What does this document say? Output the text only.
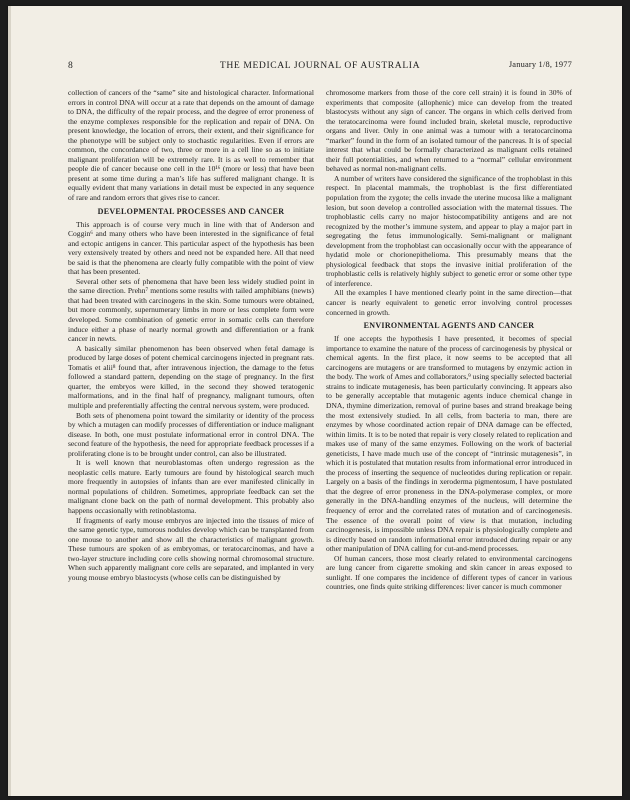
8	THE MEDICAL JOURNAL OF AUSTRALIA	January 1/8, 1977

collection of cancers of the “same” site and histological character. Informational errors in control DNA will occur at a rate that depends on the amount of damage to DNA, the difficulty of the repair process, and the degree of error proneness of the enzyme complexes responsible for the replication and repair of DNA. On present knowledge, the location of errors, their extent, and their significance for the phenotype will be subject only to stochastic regularities. Even if errors are common, the concordance of two, three or more in a cell line so as to initiate malignant proliferation will be extremely rare. It is as well to remember that people die of cancer because one cell in the 10¹⁶ (more or less) that have been present at some time during a man’s life has suffered malignant change. It is equally evident that many variations in detail must be expected in any sequence of rare and random errors that gives rise to cancer.

DEVELOPMENTAL PROCESSES AND CANCER

This approach is of course very much in line with that of Anderson and Coggin⁶ and many others who have been interested in the significance of fetal and ectopic antigens in cancer. This particular aspect of the hypothesis has been very extensively treated by others and need not be expanded here. All that need be said is that the phenomena are clearly fully compatible with the point of view that has been presented.

Several other sets of phenomena that have been less widely studied point in the same direction. Prehn⁷ mentions some results with tailed amphibians (newts) that had been treated with carcinogens in the skin. Some tumours were obtained, but more commonly, supernumerary limbs in more or less complete form were developed. Some combination of genetic error in somatic cells can therefore induce either a phase of nearly normal growth and differentiation or a frank cancer in newts.

A basically similar phenomenon has been observed when fetal damage is produced by large doses of potent chemical carcinogens injected in pregnant rats. Tomatis et alii⁸ found that, after intravenous injection, the damage to the fetus followed a standard pattern, depending on the stage of pregnancy. In the first quarter, the embryos were killed, in the second they showed teratogenic malformations, and in the final half of pregnancy, malignant tumours, often multiple and preferentially affecting the central nervous system, were produced.

Both sets of phenomena point toward the similarity or identity of the process by which a mutagen can modify processes of differentiation or induce malignant disease. In both, one must postulate informational error in control DNA. The second feature of the hypothesis, the need for appropriate feedback processes if a proliferating clone is to be brought under control, can also be illustrated.

It is well known that neuroblastomas often undergo regression as the neoplastic cells mature. Early tumours are found by histological search much more frequently in autopsies of infants than are ever manifested clinically in normal populations of children. Sometimes, appropriate feedback can set the malignant clone back on the path of normal development. This probably also happens occasionally with retinoblastoma.

If fragments of early mouse embryos are injected into the tissues of mice of the same genetic type, tumorous nodules develop which can be transplanted from one mouse to another and show all the characteristics of malignant growth. These tumours are spoken of as embryomas, or teratocarcinomas, and have a two-layer structure including core cells showing normal chromosomal structure. When such apparently malignant core cells are separated, and implanted in very young mouse embryo blastocysts (whose cells can be distinguished by

chromosome markers from those of the core cell strain) it is found in 30% of experiments that composite (allophenic) mice can develop from the treated blastocysts without any sign of cancer. The organs in which cells derived from the teratocarcinoma were found included brain, skeletal muscle, reproductive organs and liver. Only in one animal was a tumour with a teratocarcinoma “marker” found in the form of an isolated tumour of the pancreas. It is of special interest that what could be formally characterized as malignant cells retained their full potentialities, and when returned to a “normal” cellular environment behaved as normal non-malignant cells.

A number of writers have considered the significance of the trophoblast in this respect. In placental mammals, the trophoblast is the first differentiated population from the zygote; the cells invade the uterine mucosa like a malignant lesion, but soon develop a controlled association with the maternal tissues. The trophoblastic cells carry no major histocompatibility antigens and are not recognized by the mother’s immune system, and appear to play a major part in segregating the fetus immunologically. Semi-malignant or malignant development from the trophoblast can occasionally occur with the appearance of hydatid mole or chorionepithelioma. This presumably means that the physiological feedback that stops the invasive initial proliferation of the trophoblastic cells is relatively highly subject to genetic error or some other type of interference.

All the examples I have mentioned clearly point in the same direction—that cancer is nearly equivalent to genetic error involving control processes concerned in growth.

ENVIRONMENTAL AGENTS AND CANCER

If one accepts the hypothesis I have presented, it becomes of special importance to examine the nature of the process of carcinogenesis by physical or chemical agents. In the first place, it now seems to be accepted that all carcinogens are mutagens or are transformed to mutagens by enzymic action in the body. The work of Ames and collaborators,⁹ using specially selected bacterial strains to indicate mutagenesis, has been particularly convincing. It appears also to be generally acceptable that mutagenic agents induce chemical change in DNA, thymine dimerization, removal of purine bases and strand breakage being the most extensively studied. In all cells, from bacteria to man, there are enzymes by whose coordinated action repair of DNA damage can be effected, within limits. It is to be noted that repair is very closely related to replication and makes use of many of the same enzymes. Following on the work of bacterial geneticists, I have made much use of the concept of “intrinsic mutagenesis”, in which it is postulated that mutation results from informational error introduced in the process of inserting the sequence of nucleotides during replication or repair. Largely on a basis of the findings in xeroderma pigmentosum, I have postulated that the degree of error proneness in the DNA-polymerase complex, or more generally in the DNA-handling enzymes of the nucleus, will determine the frequency of error and the correlated rates of mutation and of carcinogenesis. The essence of the overall point of view is that mutation, including carcinogenesis, is impossible unless DNA repair is physiologically complete and is directly based on random informational error introduced during repair or any other manipulation of DNA calling for cut-and-mend processes.

Of human cancers, those most clearly related to environmental carcinogens are lung cancer from cigarette smoking and skin cancer in areas exposed to sunlight. If one compares the incidence of different types of cancer in various countries, one finds quite striking differences: liver cancer is much commoner
